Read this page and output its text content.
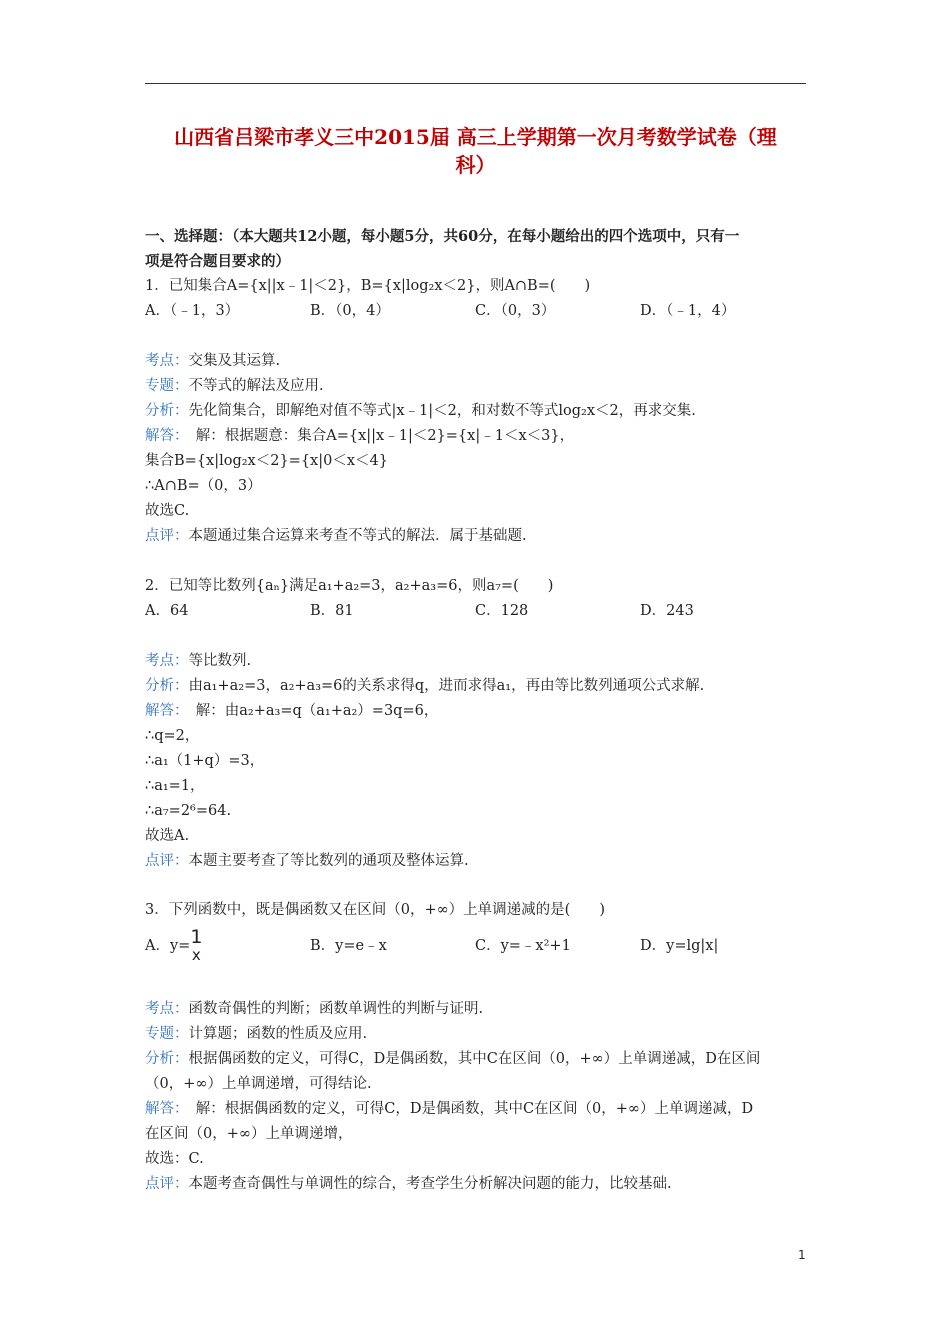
山西省吕梁市孝义三中2015届 高三上学期第一次月考数学试卷（理
科）
一、选择题：（本大题共12小题，每小题5分，共60分，在每小题给出的四个选项中，只有一
项是符合题目要求的）
1．已知集合A={x||x﹣1|＜2}，B={x|log₂x＜2}，则A∩B=(　　)
A．（﹣1，3）	B．（0，4）	C．（0，3）	D．（﹣1，4）
考点：交集及其运算.
专题：不等式的解法及应用.
分析：先化简集合，即解绝对值不等式|x﹣1|＜2，和对数不等式log₂x＜2，再求交集.
解答：　解：根据题意：集合A={x||x﹣1|＜2}={x|﹣1＜x＜3}，
集合B={x|log₂x＜2}={x|0＜x＜4}
∴A∩B=（0，3）
故选C.
点评：本题通过集合运算来考查不等式的解法．属于基础题.
2．已知等比数列{aₙ}满足a₁+a₂=3，a₂+a₃=6，则a₇=(　　)
A．64	B．81	C．128	D．243
考点：等比数列.
分析：由a₁+a₂=3，a₂+a₃=6的关系求得q，进而求得a₁，再由等比数列通项公式求解.
解答：　解：由a₂+a₃=q（a₁+a₂）=3q=6，
∴q=2，
∴a₁（1+q）=3，
∴a₁=1，
∴a₇=2⁶=64.
故选A.
点评：本题主要考查了等比数列的通项及整体运算.
3．下列函数中，既是偶函数又在区间（0，+∞）上单调递减的是(　　)
A．y= 1
x	B．y=e﹣x	C．y=﹣x²+1	D．y=lg|x|
考点：函数奇偶性的判断；函数单调性的判断与证明.
专题：计算题；函数的性质及应用.
分析：根据偶函数的定义，可得C，D是偶函数，其中C在区间（0，+∞）上单调递减，D在区间
（0，+∞）上单调递增，可得结论.
解答：　解：根据偶函数的定义，可得C，D是偶函数，其中C在区间（0，+∞）上单调递减，D
在区间（0，+∞）上单调递增，
故选：C.
点评：本题考查奇偶性与单调性的综合，考查学生分析解决问题的能力，比较基础.
1
